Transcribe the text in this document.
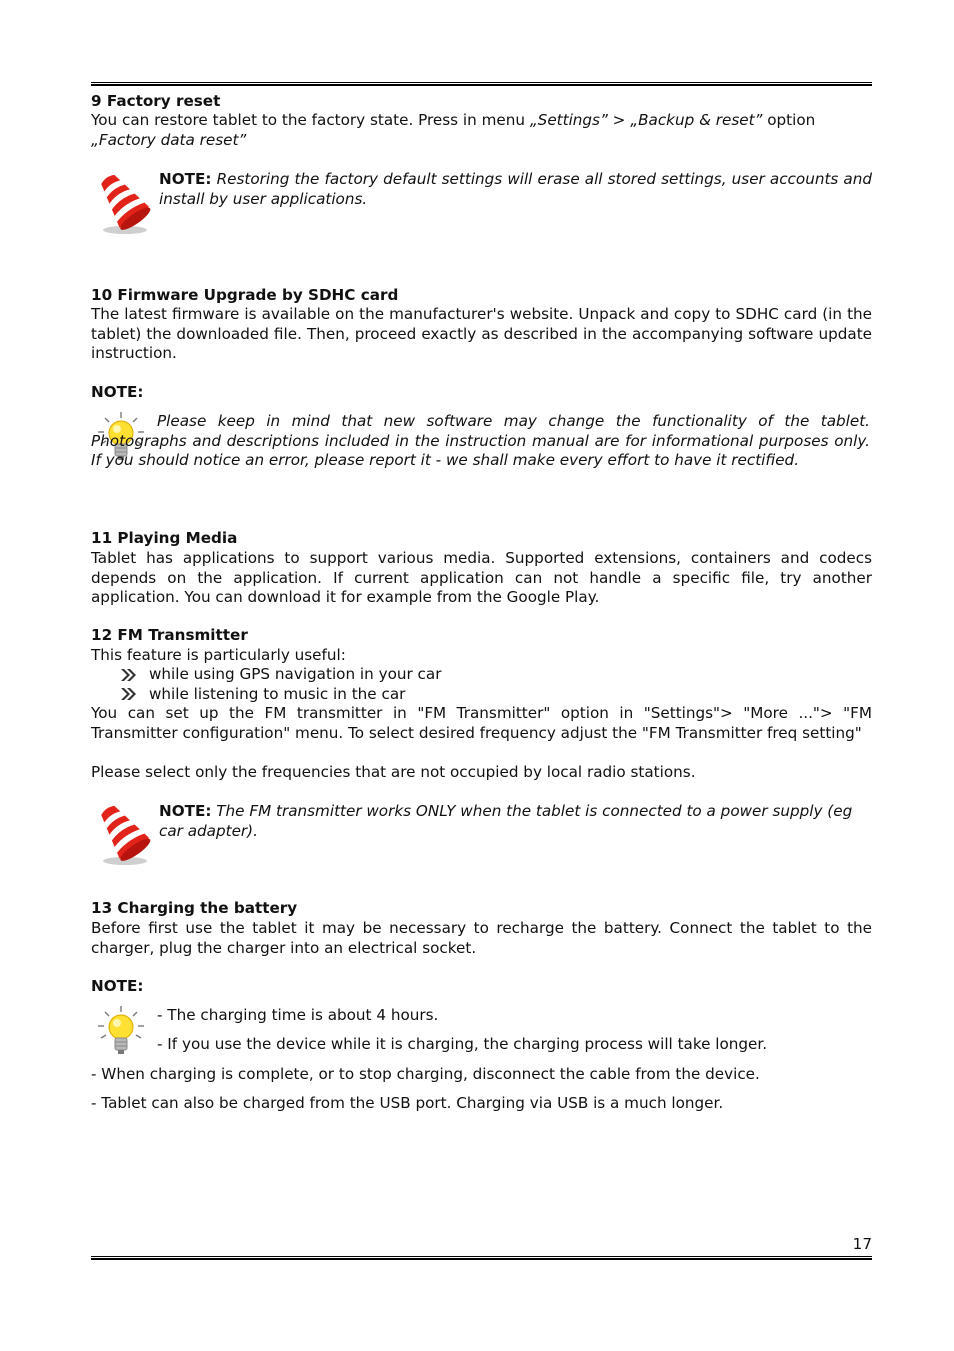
9 Factory reset

You can restore tablet to the factory state. Press in menu „Settings” > „Backup & reset” option
„Factory data reset”

NOTE: Restoring the factory default settings will erase all stored settings, user accounts and install by user applications.

10 Firmware Upgrade by SDHC card

The latest firmware is available on the manufacturer's website. Unpack and copy to SDHC card (in the tablet) the downloaded file. Then, proceed exactly as described in the accompanying software update instruction.

NOTE:

Please keep in mind that new software may change the functionality of the tablet. Photographs and descriptions included in the instruction manual are for informational purposes only. If you should notice an error, please report it - we shall make every effort to have it rectified.

11 Playing Media

Tablet has applications to support various media. Supported extensions, containers and codecs depends on the application. If current application can not handle a specific file, try another application. You can download it for example from the Google Play.

12 FM Transmitter

This feature is particularly useful:

while using GPS navigation in your car

while listening to music in the car

You can set up the FM transmitter in "FM Transmitter" option in "Settings"> "More ..."> "FM Transmitter configuration" menu. To select desired frequency adjust the "FM Transmitter freq setting"

Please select only the frequencies that are not occupied by local radio stations.

NOTE: The FM transmitter works ONLY when the tablet is connected to a power supply (eg car adapter).

13 Charging the battery

Before first use the tablet it may be necessary to recharge the battery. Connect the tablet to the charger, plug the charger into an electrical socket.

NOTE:

- The charging time is about 4 hours.

- If you use the device while it is charging, the charging process will take longer.

- When charging is complete, or to stop charging, disconnect the cable from the device.

- Tablet can also be charged from the USB port. Charging via USB is a much longer.

17
